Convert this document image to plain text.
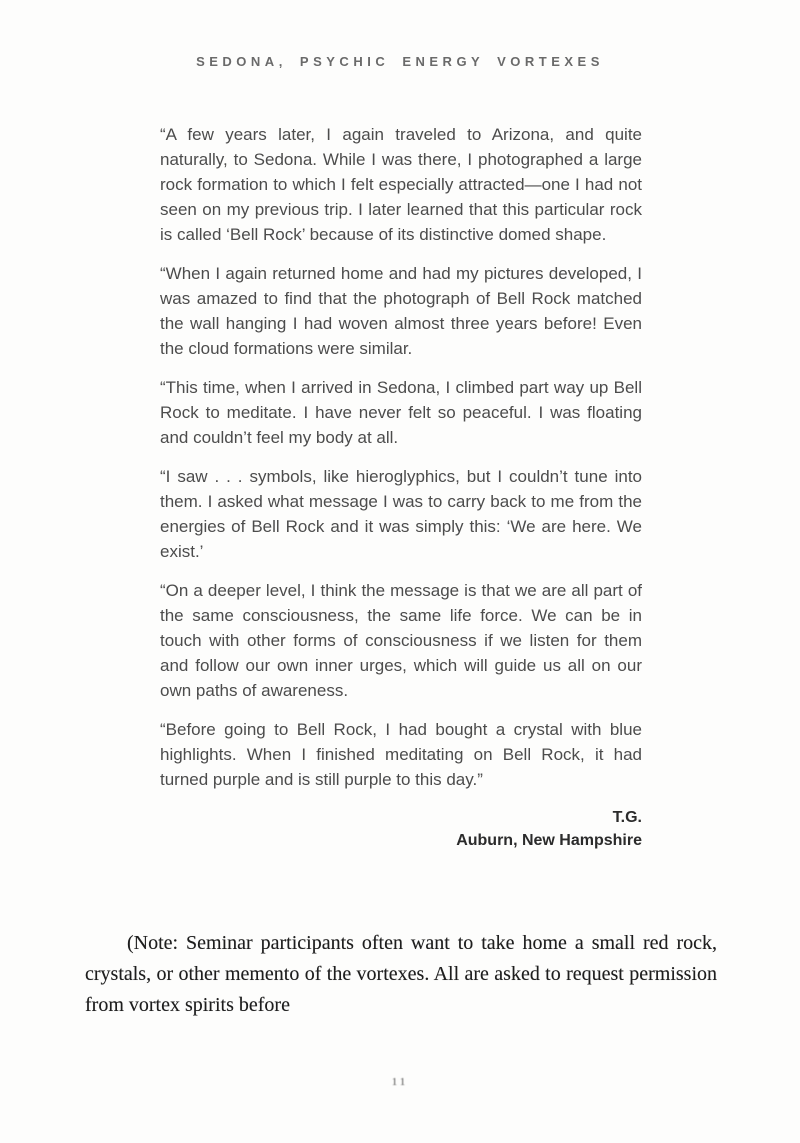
SEDONA, PSYCHIC ENERGY VORTEXES

“A few years later, I again traveled to Arizona, and quite naturally, to Sedona. While I was there, I photographed a large rock formation to which I felt especially attracted—one I had not seen on my previous trip. I later learned that this particular rock is called ‘Bell Rock’ because of its distinctive domed shape.

“When I again returned home and had my pictures developed, I was amazed to find that the photograph of Bell Rock matched the wall hanging I had woven almost three years before! Even the cloud formations were similar.

“This time, when I arrived in Sedona, I climbed part way up Bell Rock to meditate. I have never felt so peaceful. I was floating and couldn’t feel my body at all.

“I saw . . . symbols, like hieroglyphics, but I couldn’t tune into them. I asked what message I was to carry back to me from the energies of Bell Rock and it was simply this: ‘We are here. We exist.’

“On a deeper level, I think the message is that we are all part of the same consciousness, the same life force. We can be in touch with other forms of consciousness if we listen for them and follow our own inner urges, which will guide us all on our own paths of awareness.

“Before going to Bell Rock, I had bought a crystal with blue highlights. When I finished meditating on Bell Rock, it had turned purple and is still purple to this day.”

T.G.
Auburn, New Hampshire
(Note: Seminar participants often want to take home a small red rock, crystals, or other memento of the vortexes. All are asked to request permission from vortex spirits before
11
